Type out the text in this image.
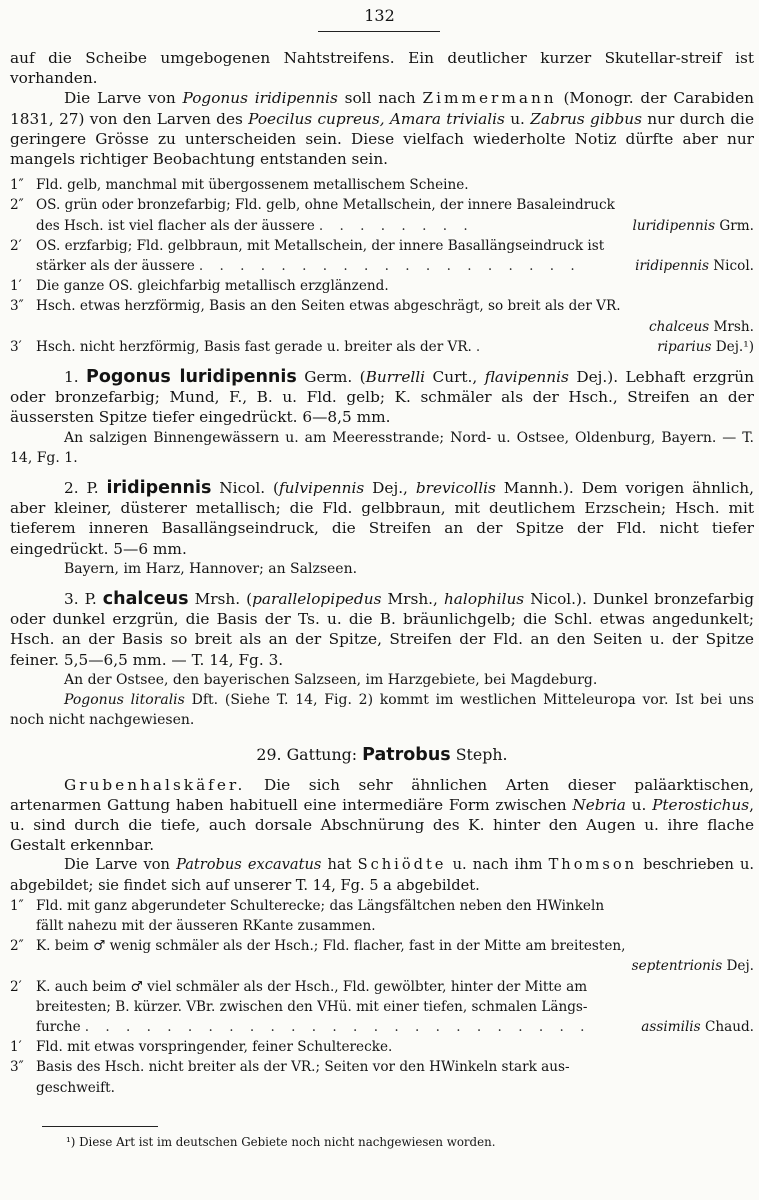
132

auf die Scheibe umgebogenen Nahtstreifens. Ein deutlicher kurzer Skutellar-streif ist vorhanden.

Die Larve von Pogonus iridipennis soll nach Zimmermann (Monogr. der Carabiden 1831, 27) von den Larven des Poecilus cupreus, Amara trivialis u. Zabrus gibbus nur durch die geringere Grösse zu unterscheiden sein. Diese vielfach wiederholte Notiz dürfte aber nur mangels richtiger Beobachtung entstanden sein.

1″ Fld. gelb, manchmal mit übergossenem metallischem Scheine.
2″ OS. grün oder bronzefarbig; Fld. gelb, ohne Metallschein, der innere Basaleindruck
des Hsch. ist viel flacher als der äussere . . . . . . . .	luridipennis Grm.
2′	OS. erzfarbig; Fld. gelbbraun, mit Metallschein, der innere Basallängseindruck ist
stärker als der äussere . . . . . . . . . . . . . . . . . . .	iridipennis Nicol.
1′	Die ganze OS. gleichfarbig metallisch erzglänzend.
3″ Hsch. etwas herzförmig, Basis an den Seiten etwas abgeschrägt, so breit als der VR.
chalceus Mrsh.
3′	Hsch. nicht herzförmig, Basis fast gerade u. breiter als der VR. .	riparius Dej.¹)

1. Pogonus luridipennis Germ. (Burrelli Curt., flavipennis Dej.). Lebhaft erzgrün oder bronzefarbig; Mund, F., B. u. Fld. gelb; K. schmäler als der Hsch., Streifen an der äussersten Spitze tiefer eingedrückt. 6—8,5 mm.

An salzigen Binnengewässern u. am Meeresstrande; Nord- u. Ostsee, Oldenburg, Bayern. — T. 14, Fg. 1.

2. P. iridipennis Nicol. (fulvipennis Dej., brevicollis Mannh.). Dem vorigen ähnlich, aber kleiner, düsterer metallisch; die Fld. gelbbraun, mit deutlichem Erzschein; Hsch. mit tieferem inneren Basallängseindruck, die Streifen an der Spitze der Fld. nicht tiefer eingedrückt. 5—6 mm.

Bayern, im Harz, Hannover; an Salzseen.

3. P. chalceus Mrsh. (parallelopipedus Mrsh., halophilus Nicol.). Dunkel bronzefarbig oder dunkel erzgrün, die Basis der Ts. u. die B. bräunlichgelb; die Schl. etwas angedunkelt; Hsch. an der Basis so breit als an der Spitze, Streifen der Fld. an den Seiten u. der Spitze feiner. 5,5—6,5 mm. — T. 14, Fg. 3.

An der Ostsee, den bayerischen Salzseen, im Harzgebiete, bei Magdeburg.

Pogonus litoralis Dft. (Siehe T. 14, Fig. 2) kommt im westlichen Mitteleuropa vor. Ist bei uns noch nicht nachgewiesen.

29. Gattung: Patrobus Steph.

Grubenhalskäfer. Die sich sehr ähnlichen Arten dieser paläarktischen, artenarmen Gattung haben habituell eine intermediäre Form zwischen Nebria u. Pterostichus, u. sind durch die tiefe, auch dorsale Abschnürung des K. hinter den Augen u. ihre flache Gestalt erkennbar.

Die Larve von Patrobus excavatus hat Schiödte u. nach ihm Thomson beschrieben u. abgebildet; sie findet sich auf unserer T. 14, Fg. 5 a abgebildet.

1″ Fld. mit ganz abgerundeter Schulterecke; das Längsfältchen neben den HWinkeln
fällt nahezu mit der äusseren RKante zusammen.
2″ K. beim ♂ wenig schmäler als der Hsch.; Fld. flacher, fast in der Mitte am breitesten,
septentrionis Dej.
2′	K. auch beim ♂ viel schmäler als der Hsch., Fld. gewölbter, hinter der Mitte am
breitesten; B. kürzer. VBr. zwischen den VHü. mit einer tiefen, schmalen Längs-
furche . . . . . . . . . . . . . . . . . . . . . . . . .	assimilis Chaud.
1′	Fld. mit etwas vorspringender, feiner Schulterecke.
3″ Basis des Hsch. nicht breiter als der VR.; Seiten vor den HWinkeln stark aus-
geschweift.
¹) Diese Art ist im deutschen Gebiete noch nicht nachgewiesen worden.
